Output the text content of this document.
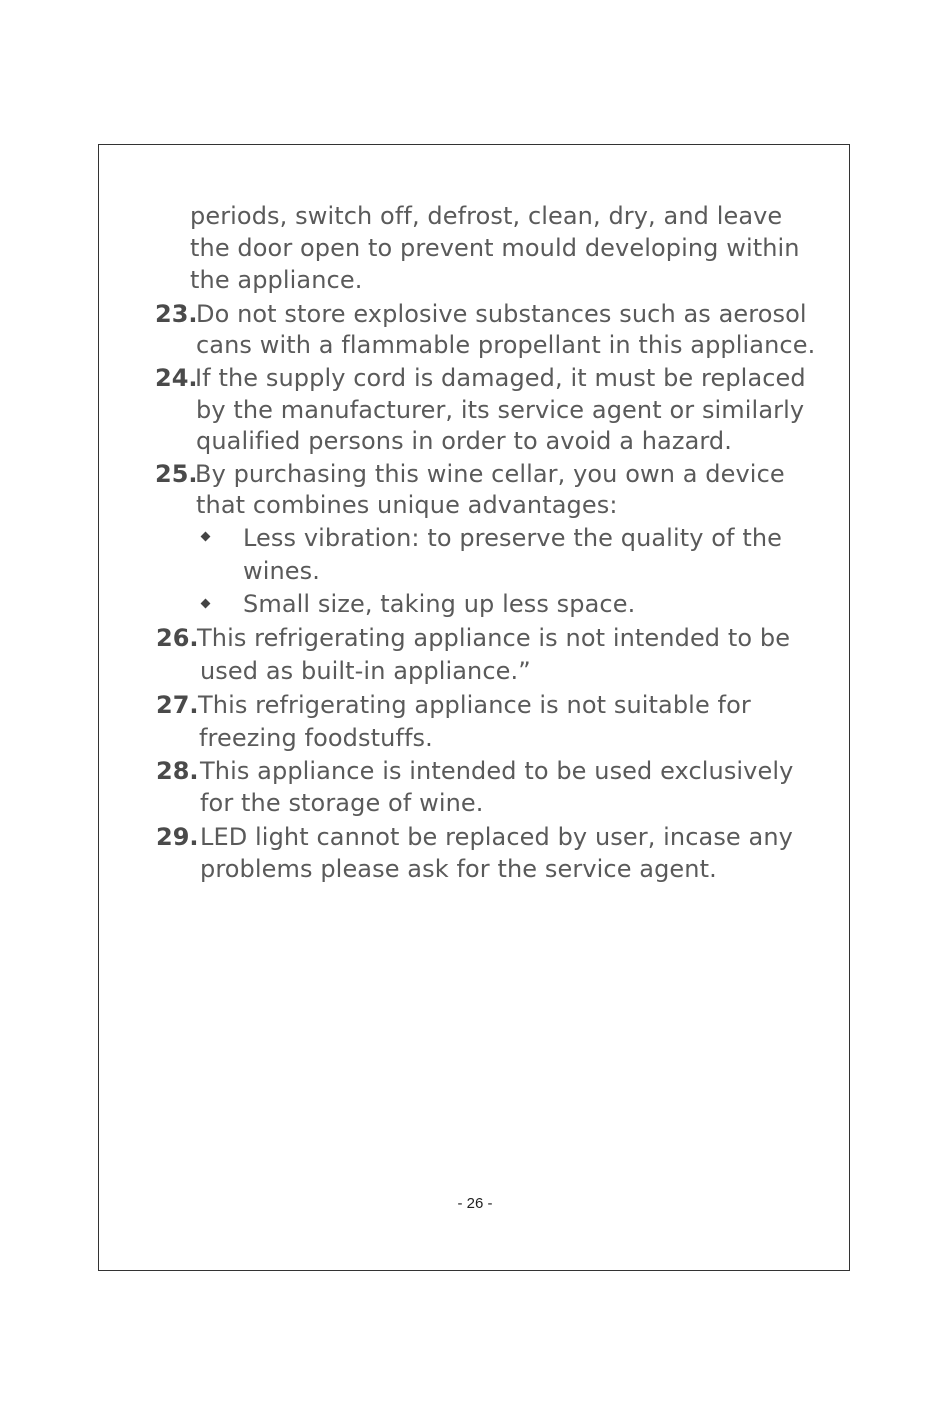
periods, switch off, defrost, clean, dry, and leave
the door open to prevent mould developing within
the appliance.
23.
Do not store explosive substances such as aerosol
cans with a flammable propellant in this appliance.
24.
If the supply cord is damaged, it must be replaced
by the manufacturer, its service agent or similarly
qualified persons in order to avoid a hazard.
25.
By purchasing this wine cellar, you own a device
that combines unique advantages:
Less vibration: to preserve the quality of the
wines.
Small size, taking up less space.
26.
This refrigerating appliance is not intended to be
used as built-in appliance.”
27. This refrigerating appliance is not suitable for
freezing foodstuffs.
28. This appliance is intended to be used exclusively
for the storage of wine.
29. LED light cannot be replaced by user, incase any
problems please ask for the service agent.
- 26 -
